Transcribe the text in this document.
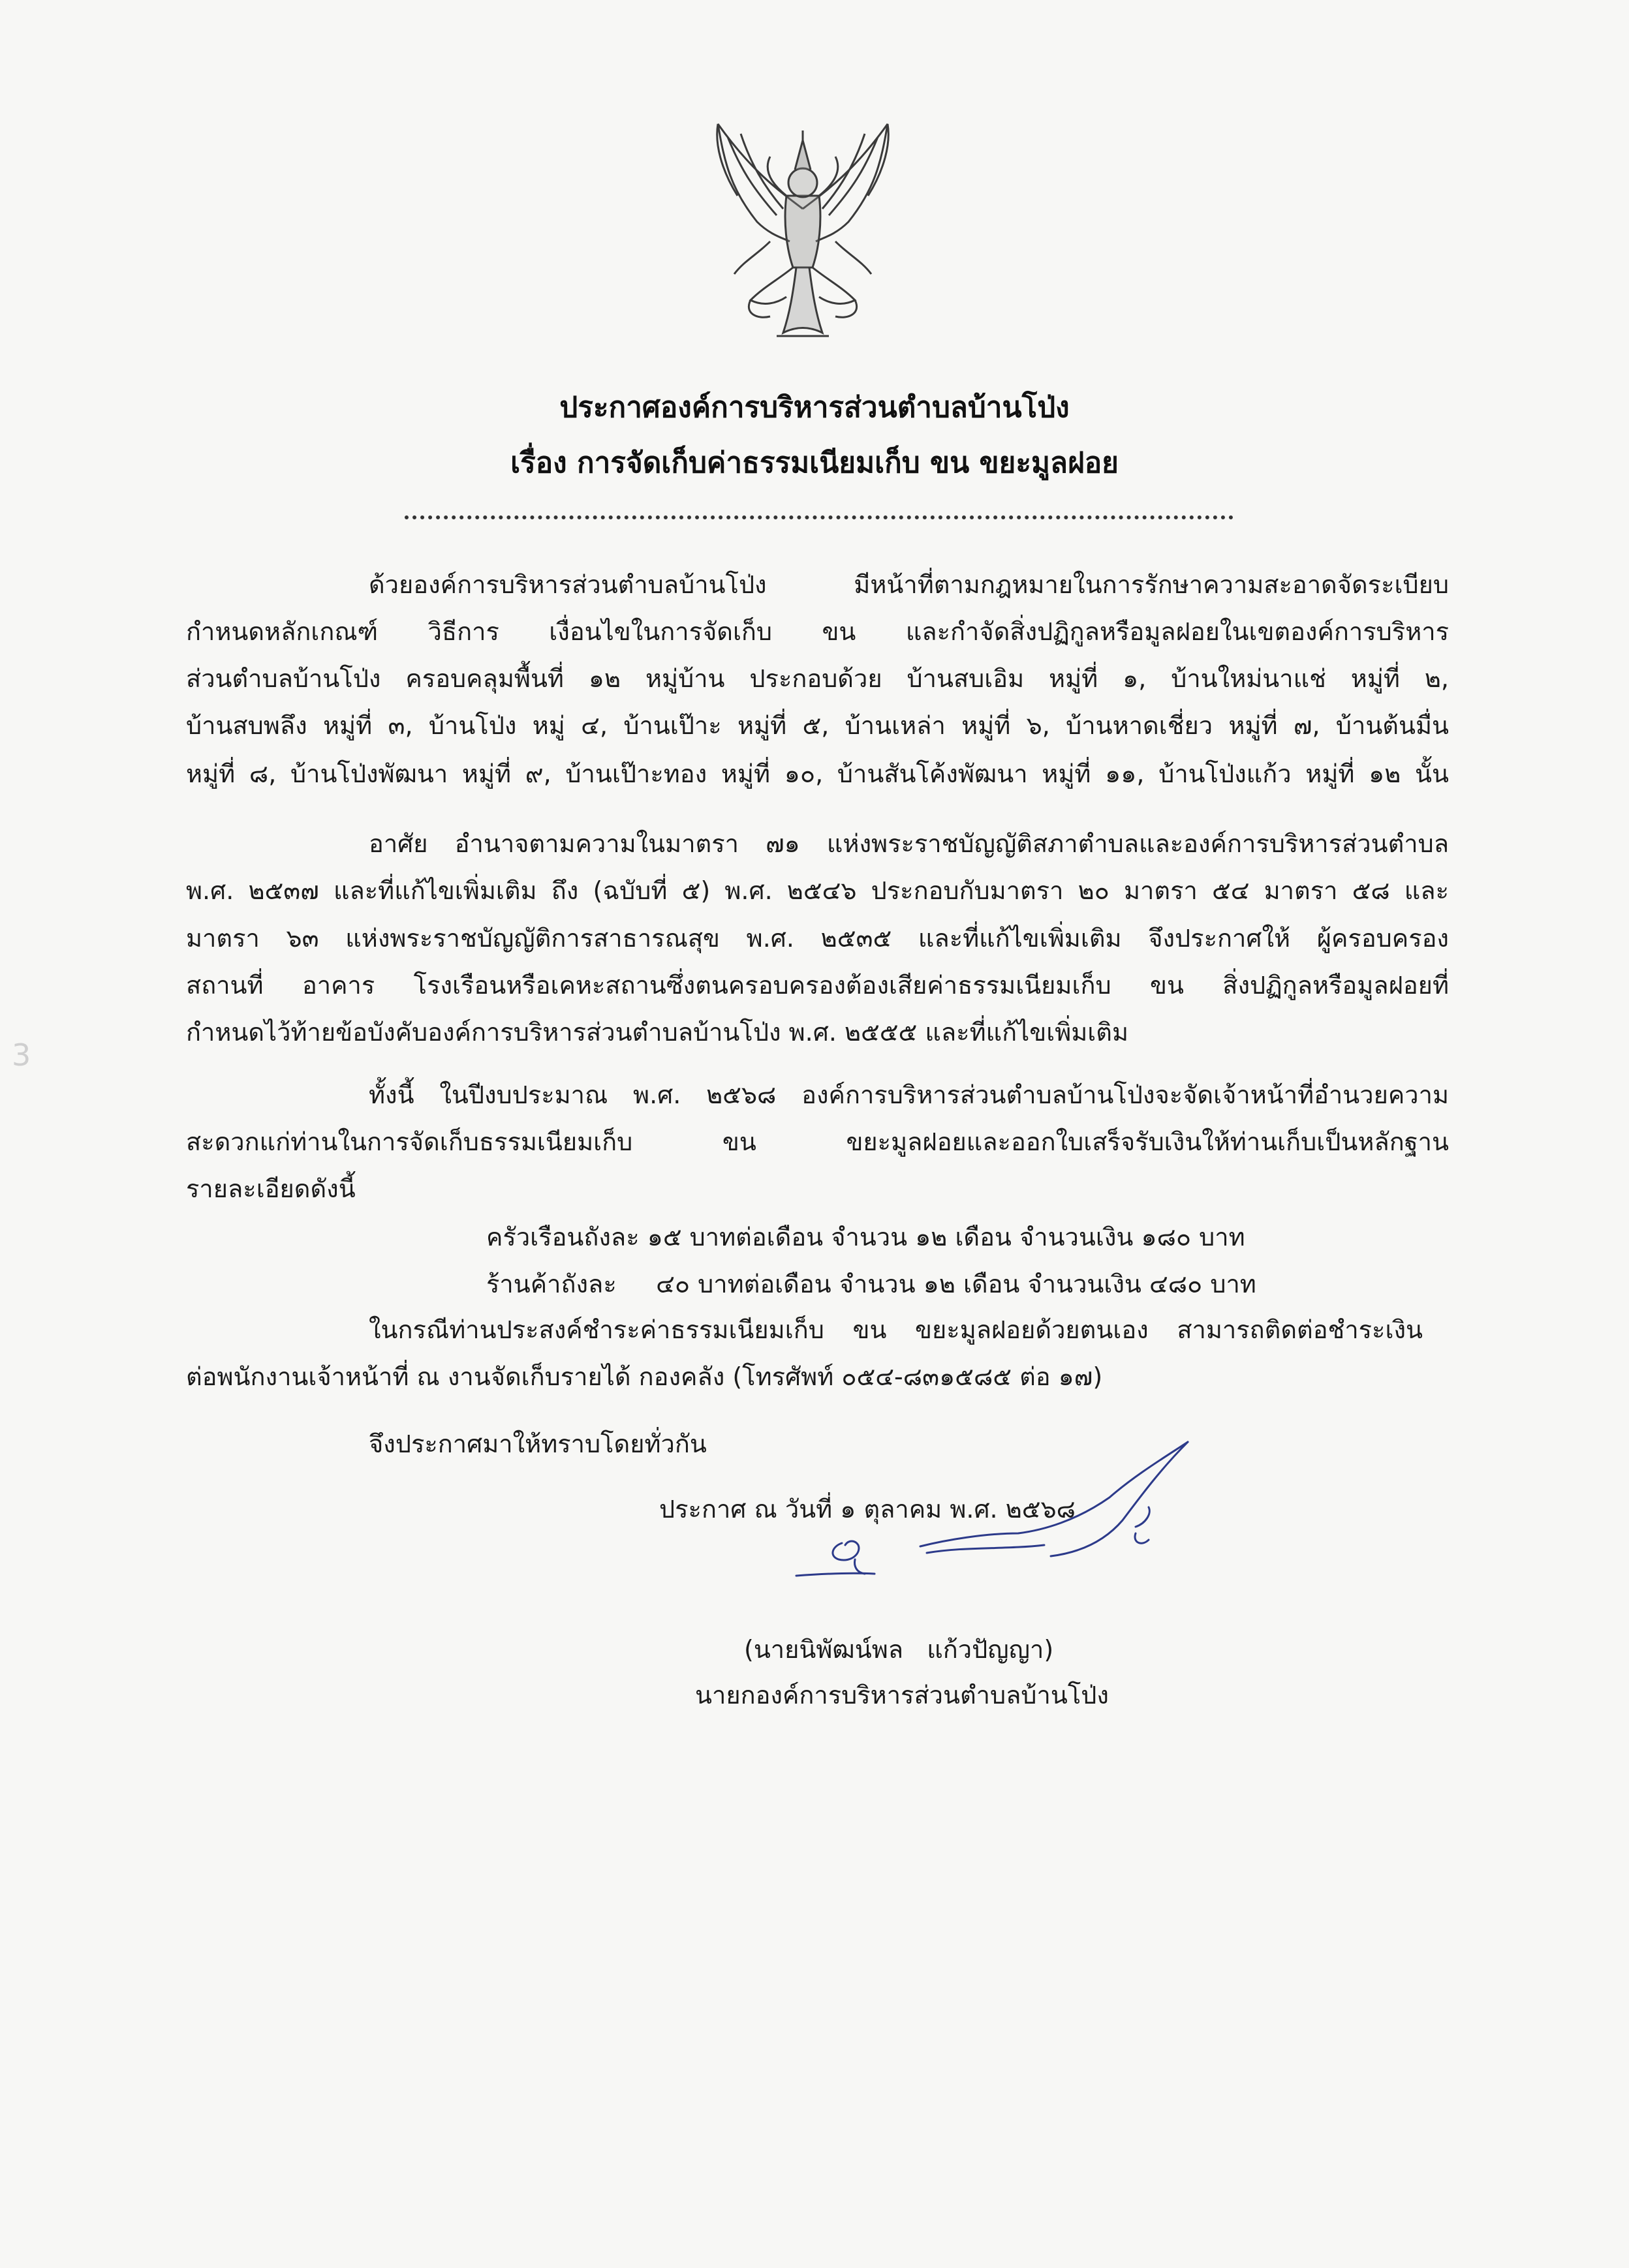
ประกาศองค์การบริหารส่วนตำบลบ้านโป่ง
เรื่อง การจัดเก็บค่าธรรมเนียมเก็บ ขน ขยะมูลฝอย
ด้วยองค์การบริหารส่วนตำบลบ้านโป่ง มีหน้าที่ตามกฎหมายในการรักษาความสะอาดจัดระเบียบ
กำหนดหลักเกณฑ์ วิธีการ เงื่อนไขในการจัดเก็บ ขน และกำจัดสิ่งปฏิกูลหรือมูลฝอยในเขตองค์การบริหาร
ส่วนตำบลบ้านโป่ง ครอบคลุมพื้นที่ ๑๒ หมู่บ้าน ประกอบด้วย บ้านสบเอิม หมู่ที่ ๑, บ้านใหม่นาแช่ หมู่ที่ ๒,
บ้านสบพลึง หมู่ที่ ๓, บ้านโป่ง หมู่ ๔, บ้านเป๊าะ หมู่ที่ ๕, บ้านเหล่า หมู่ที่ ๖, บ้านหาดเชี่ยว หมู่ที่ ๗, บ้านต้นมื่น
หมู่ที่ ๘, บ้านโป่งพัฒนา หมู่ที่ ๙, บ้านเป๊าะทอง หมู่ที่ ๑๐, บ้านสันโค้งพัฒนา หมู่ที่ ๑๑, บ้านโป่งแก้ว หมู่ที่ ๑๒ นั้น
อาศัย อำนาจตามความในมาตรา ๗๑ แห่งพระราชบัญญัติสภาตำบลและองค์การบริหารส่วนตำบล
พ.ศ. ๒๕๓๗ และที่แก้ไขเพิ่มเติม ถึง (ฉบับที่ ๕) พ.ศ. ๒๕๔๖ ประกอบกับมาตรา ๒๐ มาตรา ๕๔ มาตรา ๕๘ และ
มาตรา ๖๓ แห่งพระราชบัญญัติการสาธารณสุข พ.ศ. ๒๕๓๕ และที่แก้ไขเพิ่มเติม จึงประกาศให้ ผู้ครอบครอง
สถานที่ อาคาร โรงเรือนหรือเคหะสถานซึ่งตนครอบครองต้องเสียค่าธรรมเนียมเก็บ ขน สิ่งปฏิกูลหรือมูลฝอยที่
กำหนดไว้ท้ายข้อบังคับองค์การบริหารส่วนตำบลบ้านโป่ง พ.ศ. ๒๕๕๕ และที่แก้ไขเพิ่มเติม
ทั้งนี้ ในปีงบประมาณ พ.ศ. ๒๕๖๘ องค์การบริหารส่วนตำบลบ้านโป่งจะจัดเจ้าหน้าที่อำนวยความ
สะดวกแก่ท่านในการจัดเก็บธรรมเนียมเก็บ ขน ขยะมูลฝอยและออกใบเสร็จรับเงินให้ท่านเก็บเป็นหลักฐาน
รายละเอียดดังนี้
ครัวเรือนถังละ ๑๕ บาทต่อเดือน จำนวน ๑๒ เดือน จำนวนเงิน ๑๘๐ บาท
ร้านค้าถังละ     ๔๐ บาทต่อเดือน จำนวน ๑๒ เดือน จำนวนเงิน ๔๘๐ บาท
ในกรณีท่านประสงค์ชำระค่าธรรมเนียมเก็บ ขน ขยะมูลฝอยด้วยตนเอง สามารถติดต่อชำระเงิน
ต่อพนักงานเจ้าหน้าที่ ณ งานจัดเก็บรายได้ กองคลัง (โทรศัพท์ ๐๕๔-๘๓๑๕๘๕ ต่อ ๑๗)
จึงประกาศมาให้ทราบโดยทั่วกัน
ประกาศ ณ วันที่ ๑ ตุลาคม พ.ศ. ๒๕๖๘
(นายนิพัฒน์พล   แก้วปัญญา)
นายกองค์การบริหารส่วนตำบลบ้านโป่ง
3
